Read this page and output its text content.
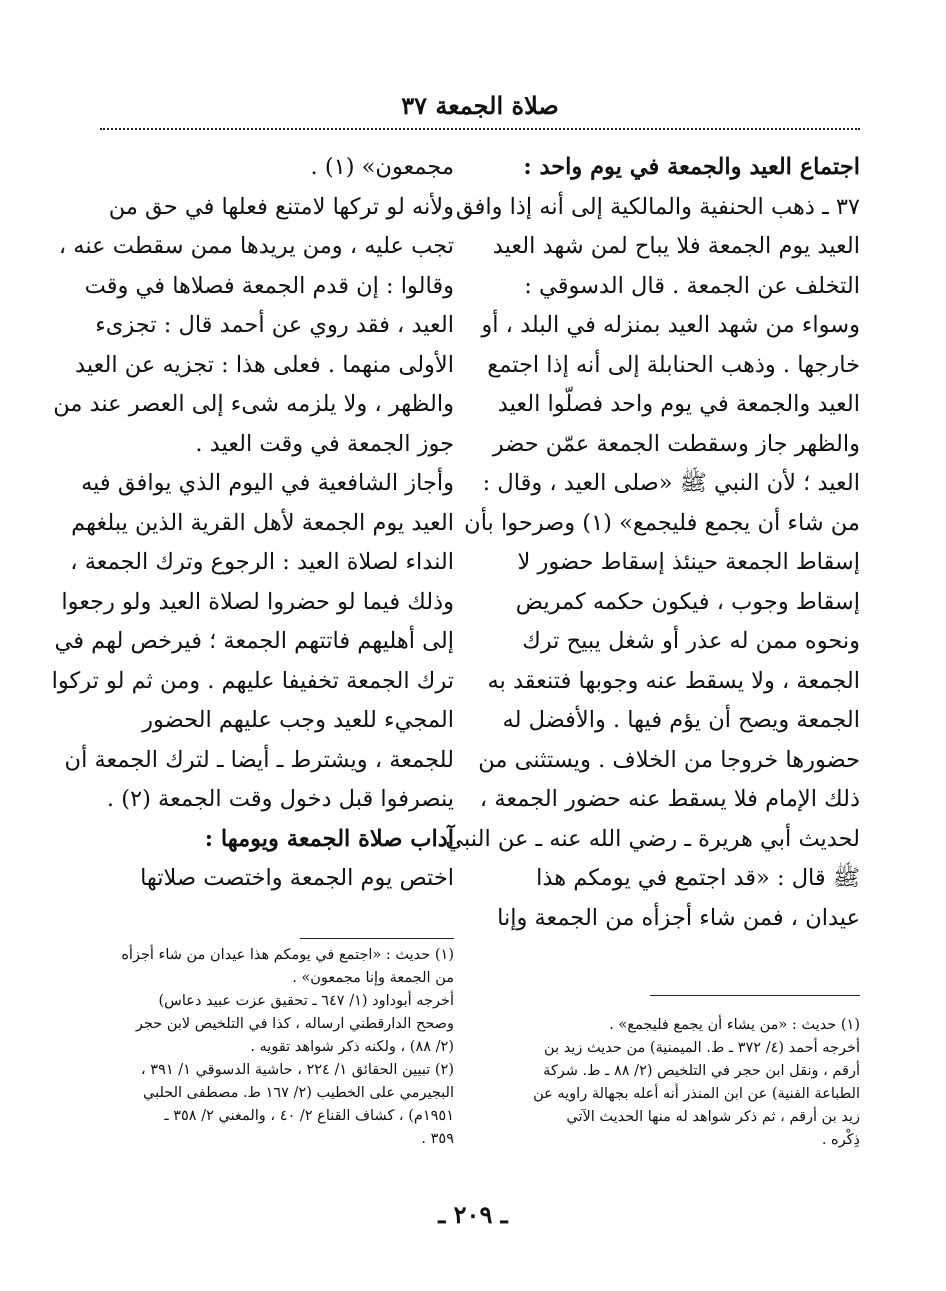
صلاة الجمعة ٣٧

اجتماع العيد والجمعة في يوم واحد :

٣٧ ـ ذهب الحنفية والمالكية إلى أنه إذا وافق
العيد يوم الجمعة فلا يباح لمن شهد العيد
التخلف عن الجمعة . قال الدسوقي :
وسواء من شهد العيد بمنزله في البلد ، أو
خارجها . وذهب الحنابلة إلى أنه إذا اجتمع
العيد والجمعة في يوم واحد فصلّوا العيد
والظهر جاز وسقطت الجمعة عمّن حضر
العيد ؛ لأن النبي ﷺ «صلى العيد ، وقال :
من شاء أن يجمع فليجمع» (١) وصرحوا بأن
إسقاط الجمعة حينئذ إسقاط حضور لا
إسقاط وجوب ، فيكون حكمه كمريض
ونحوه ممن له عذر أو شغل يبيح ترك
الجمعة ، ولا يسقط عنه وجوبها فتنعقد به
الجمعة ويصح أن يؤم فيها . والأفضل له
حضورها خروجا من الخلاف . ويستثنى من
ذلك الإمام فلا يسقط عنه حضور الجمعة ،
لحديث أبي هريرة ـ رضي الله عنه ـ عن النبي
ﷺ قال : «قد اجتمع في يومكم هذا
عيدان ، فمن شاء أجزأه من الجمعة وإنا

مجمعون» (١) .
ولأنه لو تركها لامتنع فعلها في حق من
تجب عليه ، ومن يريدها ممن سقطت عنه ،
وقالوا : إن قدم الجمعة فصلاها في وقت
العيد ، فقد روي عن أحمد قال : تجزىء
الأولى منهما . فعلى هذا : تجزيه عن العيد
والظهر ، ولا يلزمه شىء إلى العصر عند من
جوز الجمعة في وقت العيد .

وأجاز الشافعية في اليوم الذي يوافق فيه
العيد يوم الجمعة لأهل القرية الذين يبلغهم
النداء لصلاة العيد : الرجوع وترك الجمعة ،
وذلك فيما لو حضروا لصلاة العيد ولو رجعوا
إلى أهليهم فاتتهم الجمعة ؛ فيرخص لهم في
ترك الجمعة تخفيفا عليهم . ومن ثم لو تركوا
المجيء للعيد وجب عليهم الحضور
للجمعة ، ويشترط ـ أيضا ـ لترك الجمعة أن
ينصرفوا قبل دخول وقت الجمعة (٢) .

آداب صلاة الجمعة ويومها :

اختص يوم الجمعة واختصت صلاتها

(١) حديث : «اجتمع في يومكم هذا عيدان من شاء أجزأه
من الجمعة وإنا مجمعون» .
أخرجه أبوداود (١/ ٦٤٧ ـ تحقيق عزت عبيد دعاس)
وصحح الدارقطني ارساله ، كذا في التلخيص لابن حجر
(٢/ ٨٨) ، ولكنه ذكر شواهد تقويه .
(٢) تبيين الحقائق ١/ ٢٢٤ ، حاشية الدسوقي ١/ ٣٩١ ،
البجيرمي على الخطيب (٢/ ١٦٧ ط. مصطفى الحلبي
١٩٥١م) ، كشاف القناع ٢/ ٤٠ ، والمغني ٢/ ٣٥٨ ـ
٣٥٩ .
(١) حديث : «من يشاء أن يجمع فليجمع» .
أخرجه أحمد (٤/ ٣٧٢ ـ ط. الميمنية) من حديث زيد بن
أرقم ، ونقل ابن حجر في التلخيص (٢/ ٨٨ ـ ط. شركة
الطباعة الفنية) عن ابن المنذر أنه أعله بجهالة راويه عن
زيد بن أرقم ، ثم ذكر شواهد له منها الحديث الآتي
ذِكْره .
ـ ٢٠٩ ـ
